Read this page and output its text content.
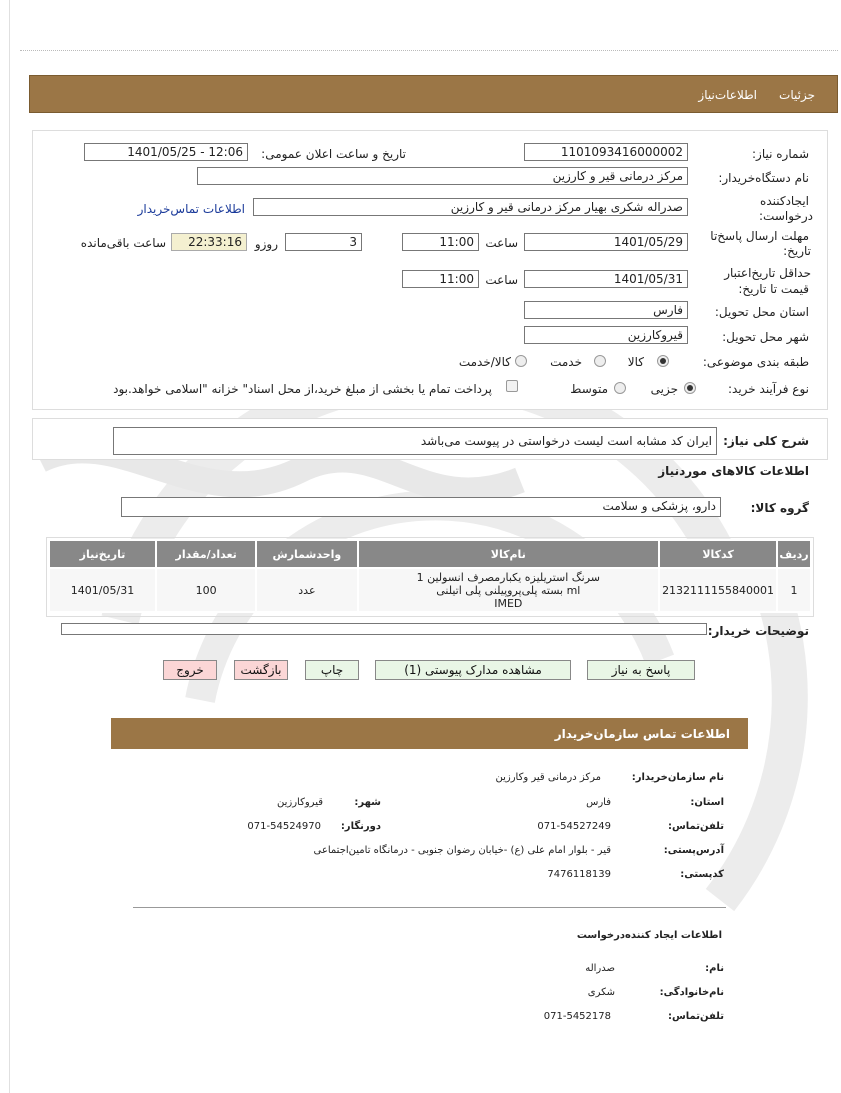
جزئیات
اطلاعات‌نیاز
شماره نیاز:
1101093416000002
تاریخ و ساعت اعلان عمومی:
1401/05/25 - 12:06
نام دستگاه‌خریدار:
مرکز درمانی قیر و کارزین
ایجادکننده
درخواست:
صدراله شکری بهیار مرکز درمانی قیر و کارزین
اطلاعات تماس‌خریدار
مهلت ارسال پاسخ‌تا
تاریخ:
1401/05/29
ساعت
11:00
3
روزو
22:33:16
ساعت باقی‌مانده
حداقل تاریخ‌اعتبار
قیمت تا تاریخ:
1401/05/31
ساعت
11:00
استان محل تحویل:
فارس
شهر محل تحویل:
قیروکارزین
طبقه بندی موضوعی:
کالا
خدمت
کالا/خدمت
نوع فرآیند خرید:
جزیی
متوسط
پرداخت تمام یا بخشی از مبلغ خرید،از محل اسناد" خزانه "اسلامی خواهد.بود
شرح کلی نیاز:
ایران کد مشابه است لیست درخواستی در پیوست می‌باشد
اطلاعات کالاهای موردنیاز
گروه کالا:
دارو، پزشکی و سلامت
ردیف	کدکالا	نام‌کالا	واحدشمارش	تعداد/مقدار	تاریخ‌نیاز
1	2132111155840001	سرنگ استریلیزه یکبارمصرف انسولین 1
ml بسته پلی‌پروپیلنی پلی اتیلنی
IMED	عدد	100	1401/05/31
توضیحات خریدار:
پاسخ به نیاز
مشاهده مدارک پیوستی (1)
چاپ
بازگشت
خروج
اطلاعات تماس سازمان‌خریدار
نام سازمان‌خریدار:
مرکز درمانی قیر وکارزین
استان:
فارس
شهر:
قیروکارزین
تلفن‌تماس:
071-54527249
دورنگار:
071-54524970
آدرس‌پستی:
قیر - بلوار امام علی (ع) -خیابان رضوان جنوبی - درمانگاه تامین‌اجتماعی
کدپستی:
7476118139
اطلاعات ایجاد کننده‌درخواست
نام:
صدراله
نام‌خانوادگی:
شکری
تلفن‌تماس:
071-5452178
